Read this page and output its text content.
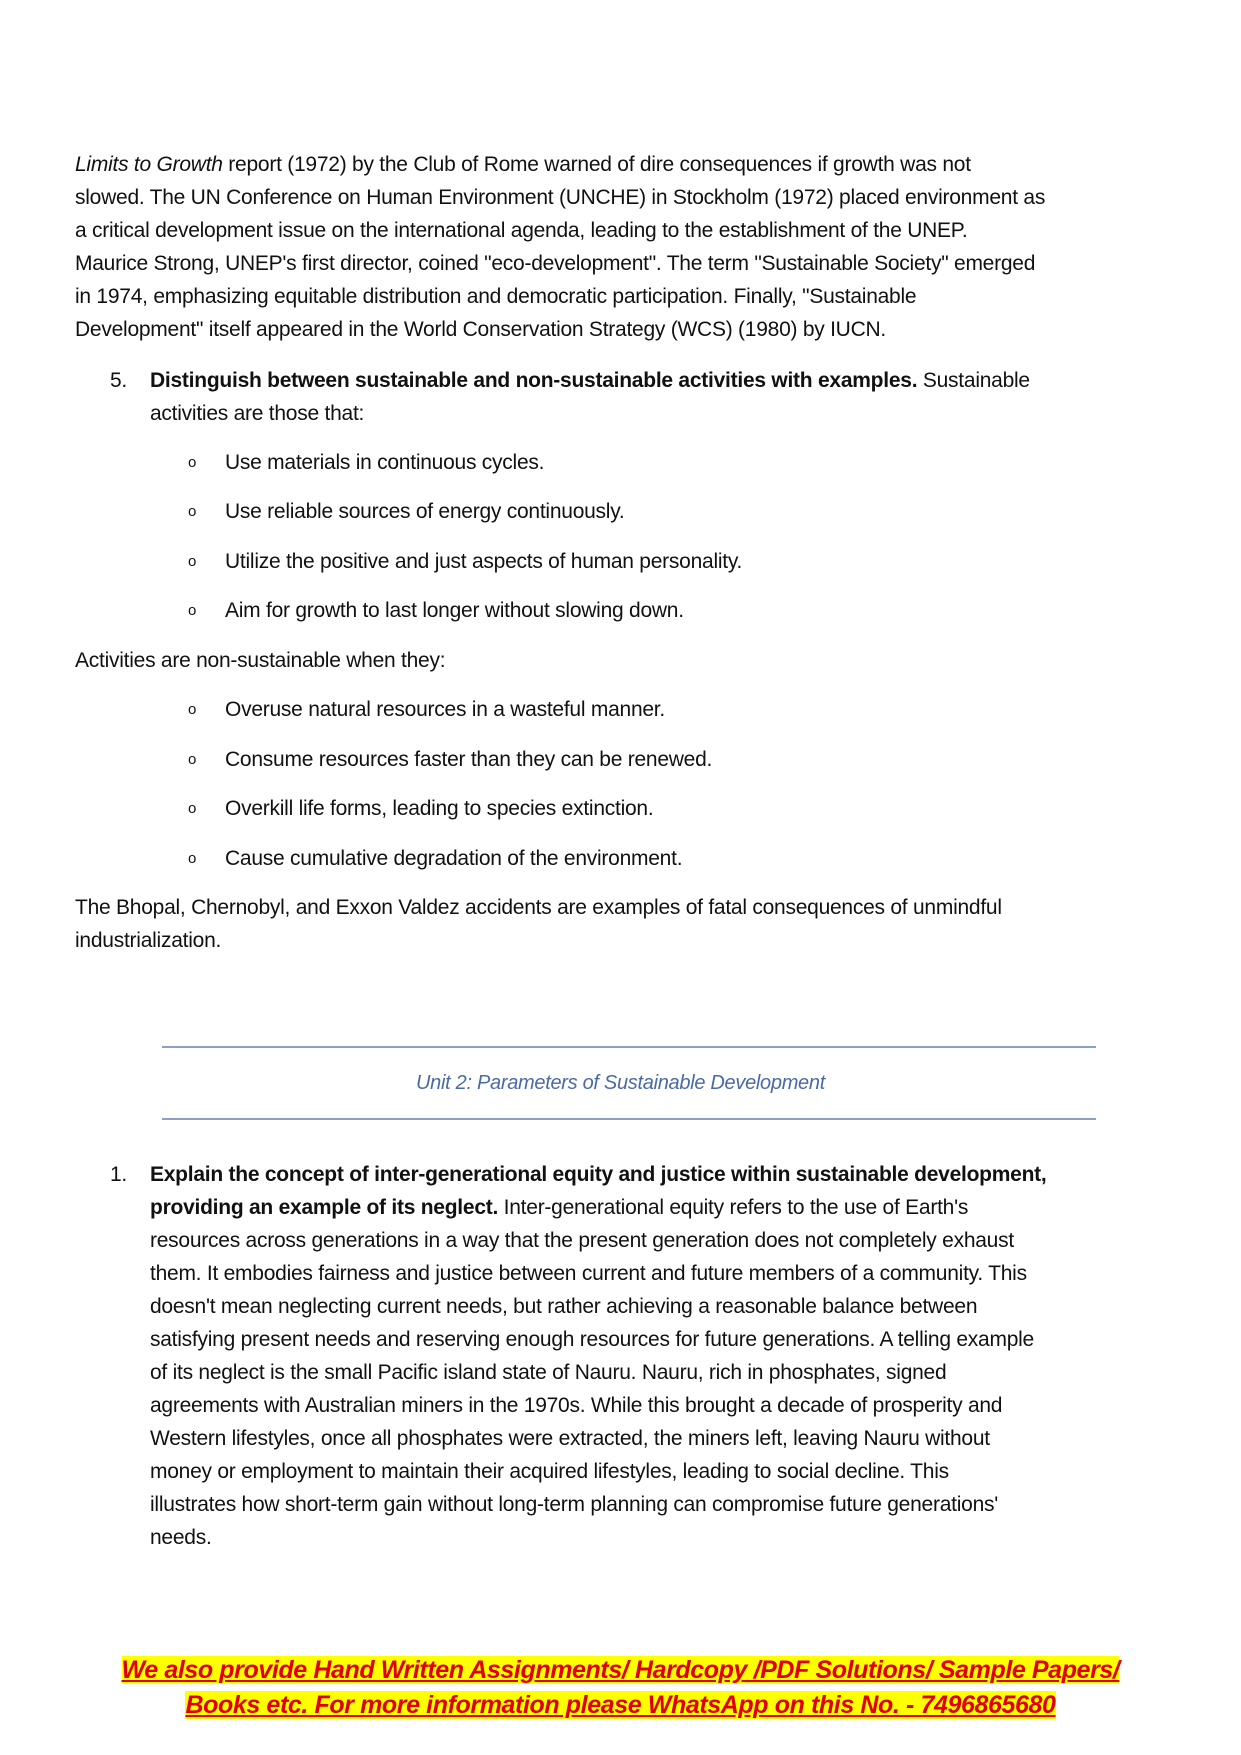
Limits to Growth report (1972) by the Club of Rome warned of dire consequences if growth was not
slowed. The UN Conference on Human Environment (UNCHE) in Stockholm (1972) placed environment as
a critical development issue on the international agenda, leading to the establishment of the UNEP.
Maurice Strong, UNEP's first director, coined "eco-development". The term "Sustainable Society" emerged
in 1974, emphasizing equitable distribution and democratic participation. Finally, "Sustainable
Development" itself appeared in the World Conservation Strategy (WCS) (1980) by IUCN.
5. Distinguish between sustainable and non-sustainable activities with examples. Sustainable
activities are those that:
o Use materials in continuous cycles.
o Use reliable sources of energy continuously.
o Utilize the positive and just aspects of human personality.
o Aim for growth to last longer without slowing down.
Activities are non-sustainable when they:
o Overuse natural resources in a wasteful manner.
o Consume resources faster than they can be renewed.
o Overkill life forms, leading to species extinction.
o Cause cumulative degradation of the environment.
The Bhopal, Chernobyl, and Exxon Valdez accidents are examples of fatal consequences of unmindful
industrialization.
Unit 2: Parameters of Sustainable Development
1. Explain the concept of inter-generational equity and justice within sustainable development,
providing an example of its neglect. Inter-generational equity refers to the use of Earth's
resources across generations in a way that the present generation does not completely exhaust
them. It embodies fairness and justice between current and future members of a community. This
doesn't mean neglecting current needs, but rather achieving a reasonable balance between
satisfying present needs and reserving enough resources for future generations. A telling example
of its neglect is the small Pacific island state of Nauru. Nauru, rich in phosphates, signed
agreements with Australian miners in the 1970s. While this brought a decade of prosperity and
Western lifestyles, once all phosphates were extracted, the miners left, leaving Nauru without
money or employment to maintain their acquired lifestyles, leading to social decline. This
illustrates how short-term gain without long-term planning can compromise future generations'
needs.
We also provide Hand Written Assignments/ Hardcopy /PDF Solutions/ Sample Papers/
Books etc. For more information please WhatsApp on this No. - 7496865680
